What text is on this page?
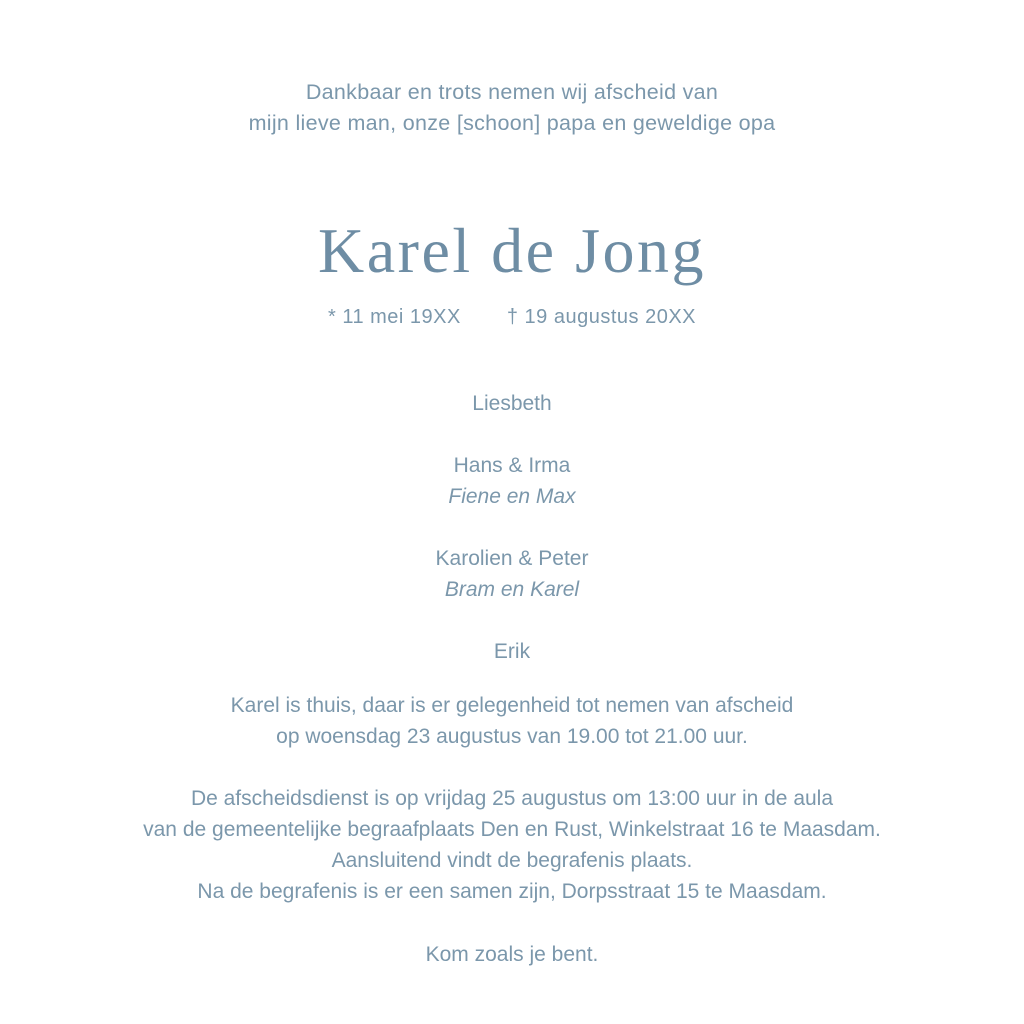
Dankbaar en trots nemen wij afscheid van
mijn lieve man, onze [schoon] papa en geweldige opa
Karel de Jong
* 11 mei 19XX † 19 augustus 20XX
Liesbeth
Hans & Irma
Fiene en Max
Karolien & Peter
Bram en Karel
Erik
Karel is thuis, daar is er gelegenheid tot nemen van afscheid
op woensdag 23 augustus van 19.00 tot 21.00 uur.
De afscheidsdienst is op vrijdag 25 augustus om 13:00 uur in de aula
van de gemeentelijke begraafplaats Den en Rust, Winkelstraat 16 te Maasdam.
Aansluitend vindt de begrafenis plaats.
Na de begrafenis is er een samen zijn, Dorpsstraat 15 te Maasdam.
Kom zoals je bent.
